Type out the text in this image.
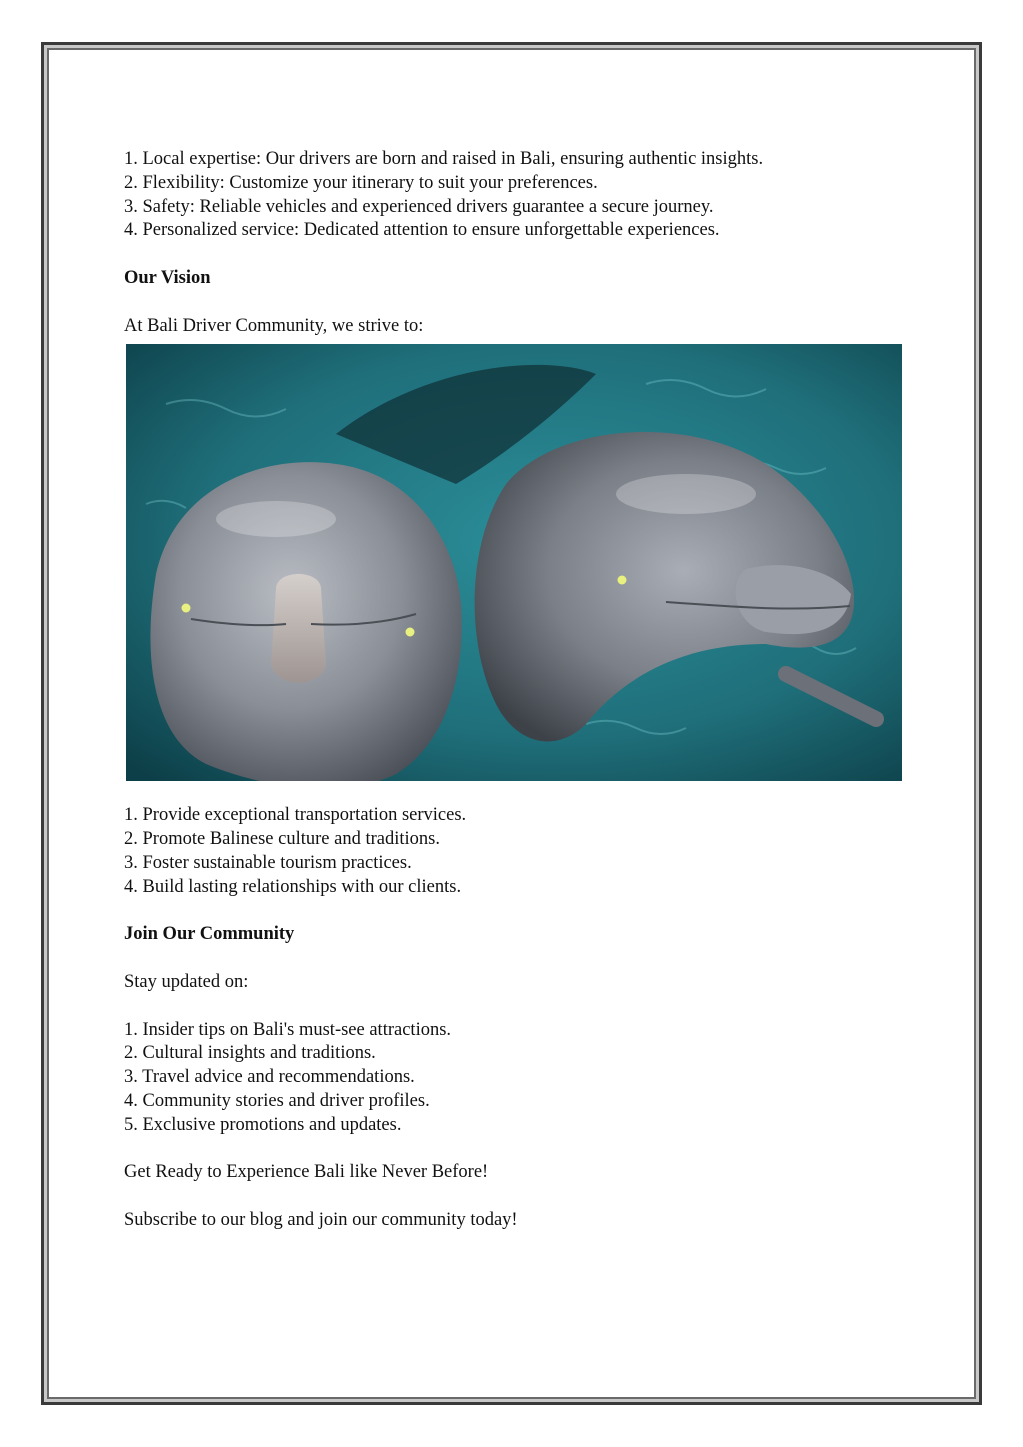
1. Local expertise: Our drivers are born and raised in Bali, ensuring authentic insights.
2. Flexibility: Customize your itinerary to suit your preferences.
3. Safety: Reliable vehicles and experienced drivers guarantee a secure journey.
4. Personalized service: Dedicated attention to ensure unforgettable experiences.
Our Vision
At Bali Driver Community, we strive to:
1. Provide exceptional transportation services.
2. Promote Balinese culture and traditions.
3. Foster sustainable tourism practices.
4. Build lasting relationships with our clients.
Join Our Community
Stay updated on:
1. Insider tips on Bali's must-see attractions.
2. Cultural insights and traditions.
3. Travel advice and recommendations.
4. Community stories and driver profiles.
5. Exclusive promotions and updates.
Get Ready to Experience Bali like Never Before!
Subscribe to our blog and join our community today!
